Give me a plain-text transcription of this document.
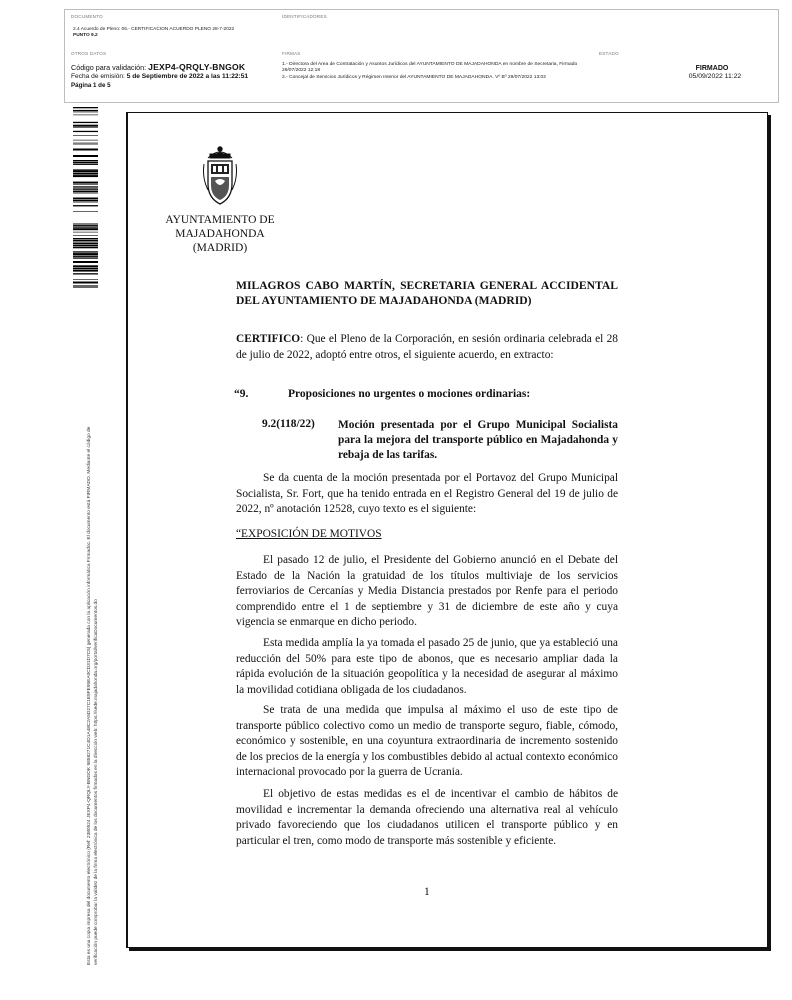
DOCUMENTO
2.4 Acuerdo de Pleno: 06.- CERTIFICACION ACUERDO PLENO 28-7-2022
PUNTO 9.2
IDENTIFICADORES
OTROS DATOS
Código para validación: JEXP4-QRQLY-BNGOK
Fecha de emisión: 5 de Septiembre de 2022 a las 11:22:51
Página 1 de 5
FIRMAS
1.- Directora del Area de Contratación y Asuntos Jurídicos del AYUNTAMIENTO DE MAJADAHONDA en nombre de Secretaria, Firmado 29/07/2022 12:18
2.- Concejal de Servicios Jurídicos y Régimen Interior del AYUNTAMIENTO DE MAJADAHONDA. Vº Bº 29/07/2022 13:02
ESTADO
FIRMADO
05/09/2022 11:22
Esta es una copia impresa del documento electrónico (Ref: 2380524 JEXP4-QRQLY-BNGOK 9858271C4D1A48C2A5D27C1E9FE95EA0CD31D7C5) generada con la aplicación informática Firmadoc. El documento está FIRMADO. Mediante el código de verificación puede comprobar la validez de la firma electrónica de los documentos firmados en la dirección web: https://sede.majadahonda.org/portal/verificaDocumentos.do
AYUNTAMIENTO DE
MAJADAHONDA
(MADRID)
MILAGROS CABO MARTÍN, SECRETARIA GENERAL ACCIDENTAL DEL AYUNTAMIENTO DE MAJADAHONDA (MADRID)
CERTIFICO: Que el Pleno de la Corporación, en sesión ordinaria celebrada el 28 de julio de 2022, adoptó entre otros, el siguiente acuerdo, en extracto:
“9.	Proposiciones no urgentes o mociones ordinarias:
9.2(118/22) Moción presentada por el Grupo Municipal Socialista para la mejora del transporte público en Majadahonda y rebaja de las tarifas.
Se da cuenta de la moción presentada por el Portavoz del Grupo Municipal Socialista, Sr. Fort, que ha tenido entrada en el Registro General del 19 de julio de 2022, nº anotación 12528, cuyo texto es el siguiente:
“EXPOSICIÓN DE MOTIVOS
El pasado 12 de julio, el Presidente del Gobierno anunció en el Debate del Estado de la Nación la gratuidad de los títulos multiviaje de los servicios ferroviarios de Cercanías y Media Distancia prestados por Renfe para el periodo comprendido entre el 1 de septiembre y 31 de diciembre de este año y cuya vigencia se enmarque en dicho periodo.
Esta medida amplía la ya tomada el pasado 25 de junio, que ya estableció una reducción del 50% para este tipo de abonos, que es necesario ampliar dada la rápida evolución de la situación geopolítica y la necesidad de asegurar al máximo la movilidad cotidiana obligada de los ciudadanos.
Se trata de una medida que impulsa al máximo el uso de este tipo de transporte público colectivo como un medio de transporte seguro, fiable, cómodo, económico y sostenible, en una coyuntura extraordinaria de incremento sostenido de los precios de la energía y los combustibles debido al actual contexto económico internacional provocado por la guerra de Ucrania.
El objetivo de estas medidas es el de incentivar el cambio de hábitos de movilidad e incrementar la demanda ofreciendo una alternativa real al vehículo privado favoreciendo que los ciudadanos utilicen el transporte público y en particular el tren, como modo de transporte más sostenible y eficiente.
1
